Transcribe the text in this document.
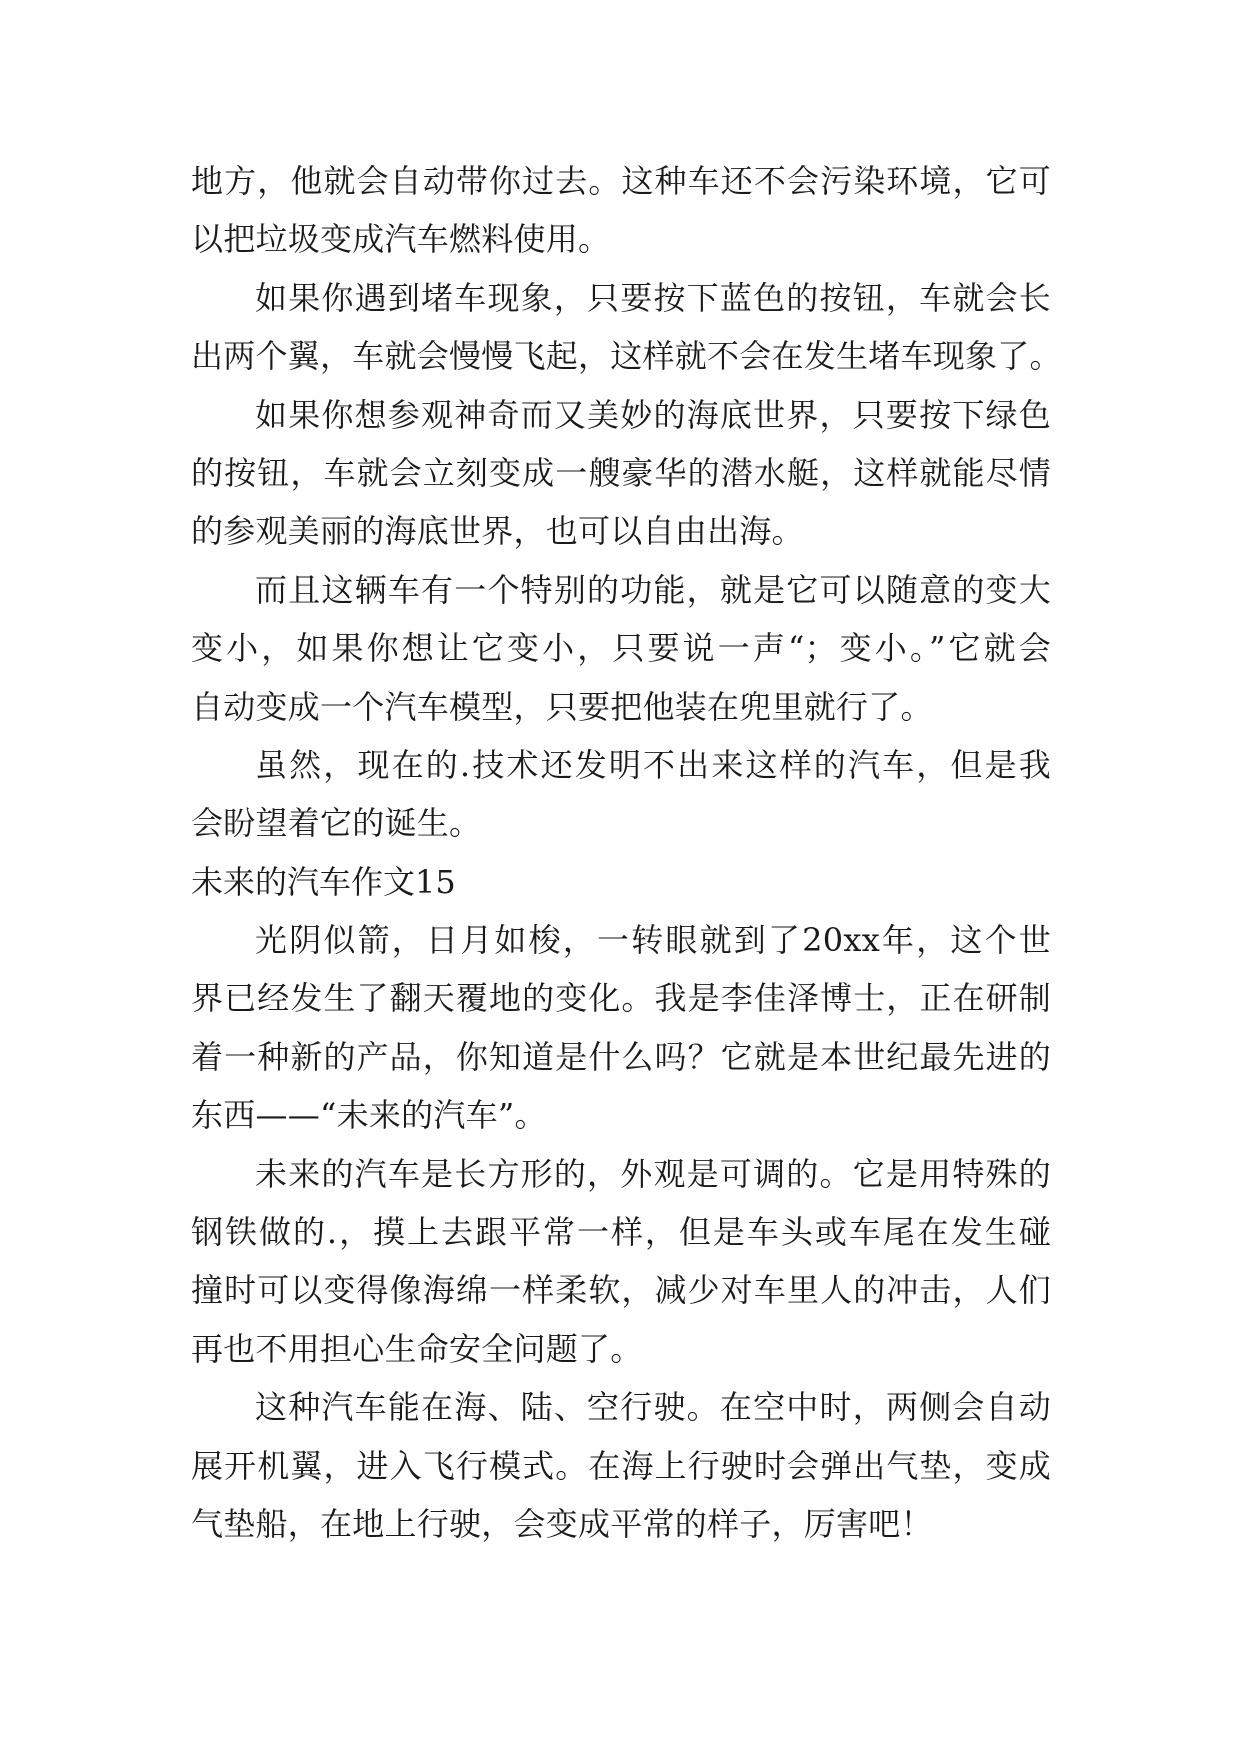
地方，他就会自动带你过去。这种车还不会污染环境，它可
以把垃圾变成汽车燃料使用。
如果你遇到堵车现象，只要按下蓝色的按钮，车就会长
出两个翼，车就会慢慢飞起，这样就不会在发生堵车现象了。
如果你想参观神奇而又美妙的海底世界，只要按下绿色
的按钮，车就会立刻变成一艘豪华的潜水艇，这样就能尽情
的参观美丽的海底世界，也可以自由出海。
而且这辆车有一个特别的功能，就是它可以随意的变大
变小，如果你想让它变小，只要说一声“；变小。”它就会
自动变成一个汽车模型，只要把他装在兜里就行了。
虽然，现在的.技术还发明不出来这样的汽车，但是我
会盼望着它的诞生。
未来的汽车作文15
光阴似箭，日月如梭，一转眼就到了20xx年，这个世
界已经发生了翻天覆地的变化。我是李佳泽博士，正在研制
着一种新的产品，你知道是什么吗？它就是本世纪最先进的
东西——“未来的汽车”。
未来的汽车是长方形的，外观是可调的。它是用特殊的
钢铁做的.，摸上去跟平常一样，但是车头或车尾在发生碰
撞时可以变得像海绵一样柔软，减少对车里人的冲击，人们
再也不用担心生命安全问题了。
这种汽车能在海、陆、空行驶。在空中时，两侧会自动
展开机翼，进入飞行模式。在海上行驶时会弹出气垫，变成
气垫船，在地上行驶，会变成平常的样子，厉害吧！
